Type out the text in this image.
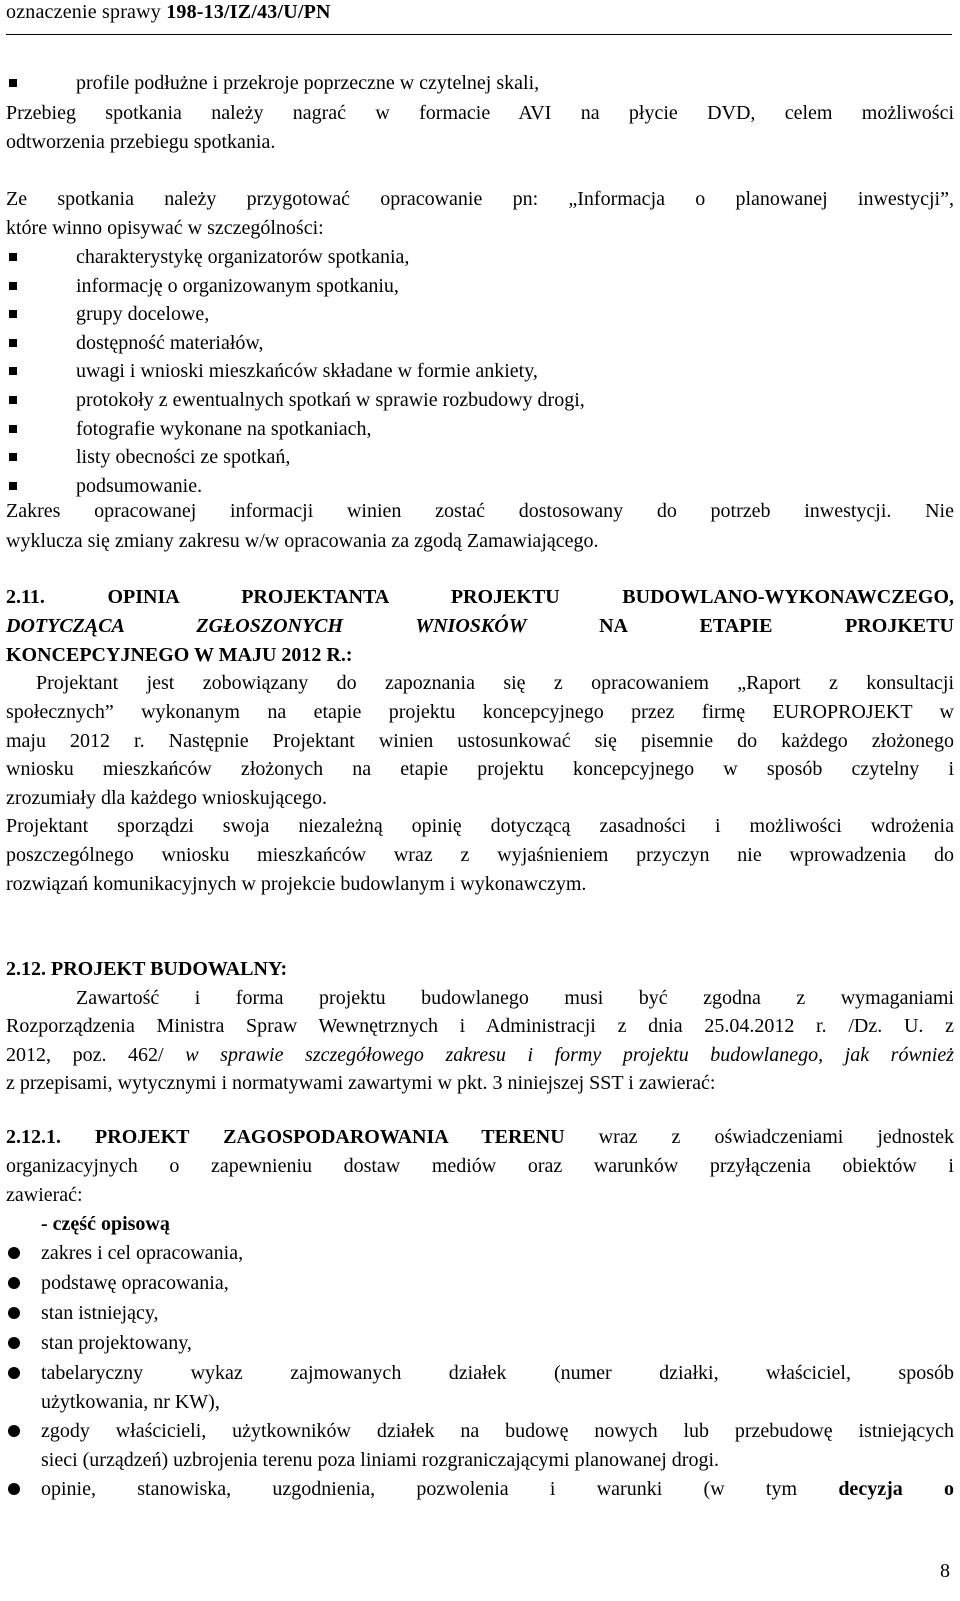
oznaczenie sprawy 198-13/IZ/43/U/PN
profile podłużne i przekroje poprzeczne w czytelnej skali,
Przebieg spotkania należy nagrać w formacie AVI na płycie DVD, celem możliwości
odtworzenia przebiegu spotkania.
Ze spotkania należy przygotować opracowanie pn: „Informacja o planowanej inwestycji”,
które winno opisywać w szczególności:
charakterystykę organizatorów spotkania,
informację o organizowanym spotkaniu,
grupy docelowe,
dostępność materiałów,
uwagi i wnioski mieszkańców składane w formie ankiety,
protokoły z ewentualnych spotkań w sprawie rozbudowy drogi,
fotografie wykonane na spotkaniach,
listy obecności ze spotkań,
podsumowanie.
Zakres opracowanej informacji winien zostać dostosowany do potrzeb inwestycji. Nie
wyklucza się zmiany zakresu w/w opracowania za zgodą Zamawiającego.
2.11. OPINIA PROJEKTANTA PROJEKTU BUDOWLANO-WYKONAWCZEGO,
DOTYCZĄCA ZGŁOSZONYCH WNIOSKÓW	NA ETAPIE PROJKETU
KONCEPCYJNEGO W MAJU 2012 R.:
Projektant jest zobowiązany do zapoznania się z opracowaniem „Raport z konsultacji
społecznych” wykonanym na etapie projektu koncepcyjnego przez firmę EUROPROJEKT w
maju 2012 r. Następnie Projektant winien ustosunkować się pisemnie do każdego złożonego
wniosku mieszkańców złożonych na etapie projektu koncepcyjnego w sposób czytelny i
zrozumiały dla każdego wnioskującego.
Projektant sporządzi swoja niezależną opinię dotyczącą zasadności i możliwości wdrożenia
poszczególnego wniosku mieszkańców wraz z wyjaśnieniem przyczyn nie wprowadzenia do
rozwiązań komunikacyjnych w projekcie budowlanym i wykonawczym.
2.12. PROJEKT BUDOWALNY:
Zawartość i forma projektu budowlanego musi być zgodna z wymaganiami
Rozporządzenia Ministra Spraw Wewnętrznych i Administracji z dnia 25.04.2012 r. /Dz. U. z
2012, poz. 462/ w sprawie szczegółowego zakresu i formy projektu budowlanego, jak również
z przepisami, wytycznymi i normatywami zawartymi w pkt. 3 niniejszej SST i zawierać:
2.12.1. PROJEKT ZAGOSPODAROWANIA TERENU wraz z oświadczeniami jednostek
organizacyjnych o zapewnieniu dostaw mediów oraz warunków przyłączenia obiektów i
zawierać:
- część opisową
zakres i cel opracowania,
podstawę opracowania,
stan istniejący,
stan projektowany,
tabelaryczny wykaz zajmowanych działek (numer działki, właściciel, sposób
użytkowania, nr KW),
zgody właścicieli, użytkowników działek na budowę nowych lub przebudowę istniejących
sieci (urządzeń) uzbrojenia terenu poza liniami rozgraniczającymi planowanej drogi.
opinie, stanowiska, uzgodnienia, pozwolenia i warunki (w tym decyzja o
8
